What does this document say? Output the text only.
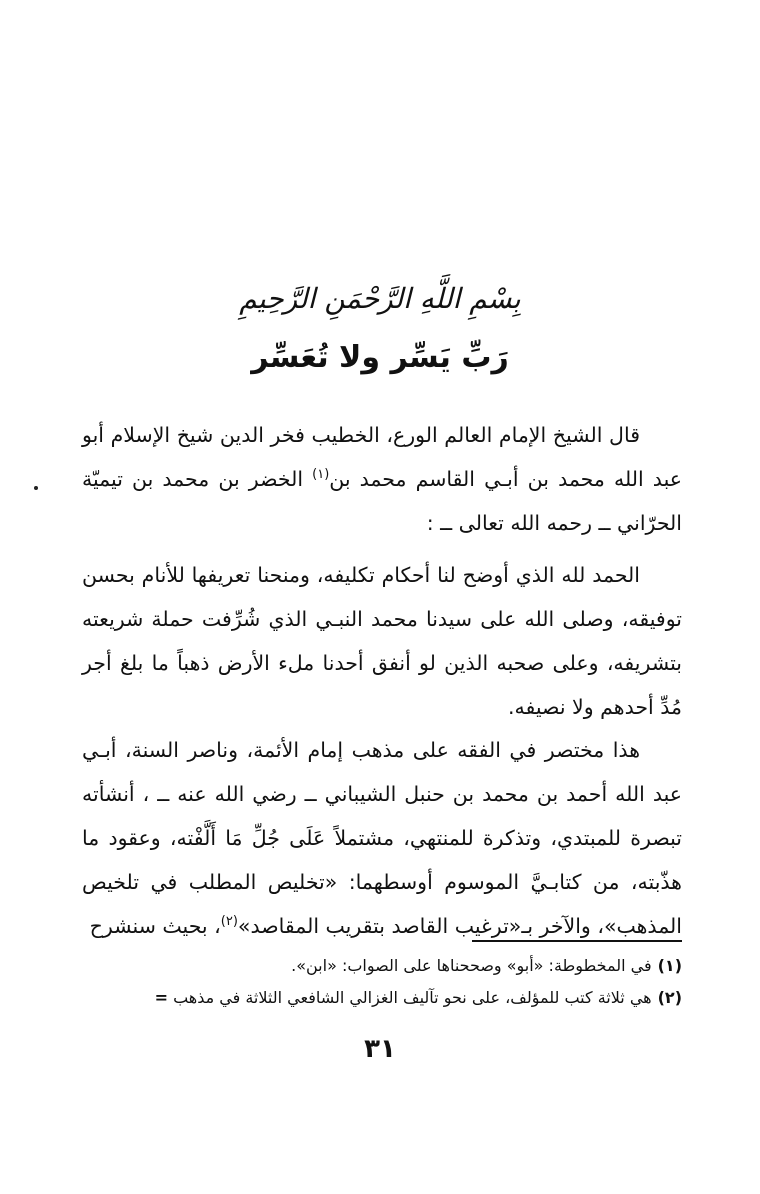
بِسْمِ اللَّهِ الرَّحْمَنِ الرَّحِيمِ
رَبِّ يَسِّر ولا تُعَسِّر

قال الشيخ الإمام العالم الورع، الخطيب فخر الدين شيخ الإسلام أبو عبد الله محمد بن أبـي القاسم محمد بن$^{(١)}$ الخضر بن محمد بن تيميّة الحرّاني ــ رحمه الله تعالى ــ :

الحمد لله الذي أوضح لنا أحكام تكليفه، ومنحنا تعريفها للأنام بحسن توفيقه، وصلى الله على سيدنا محمد النبـي الذي شُرِّفت حملة شريعته بتشريفه، وعلى صحبه الذين لو أنفق أحدنا ملء الأرض ذهباً ما بلغ أجر مُدِّ أحدهم ولا نصيفه.

هذا مختصر في الفقه على مذهب إمام الأئمة، وناصر السنة، أبـي عبد الله أحمد بن محمد بن حنبل الشيباني ــ رضي الله عنه ــ ، أنشأته تبصرة للمبتدي، وتذكرة للمنتهي، مشتملاً عَلَى جُلِّ مَا أَلَّفْته، وعقود ما هذّبته، من كتابـيَّ الموسوم أوسطهما: «تخليص المطلب في تلخيص المذهب»، والآخر بـ«ترغيب القاصد بتقريب المقاصد»$^{(٢)}$، بحيث سنشرح

(١)في المخطوطة: «أبو» وصححناها على الصواب: «ابن».

(٢)هي ثلاثة كتب للمؤلف، على نحو تآليف الغزالي الشافعي الثلاثة في مذهب =

٣١
